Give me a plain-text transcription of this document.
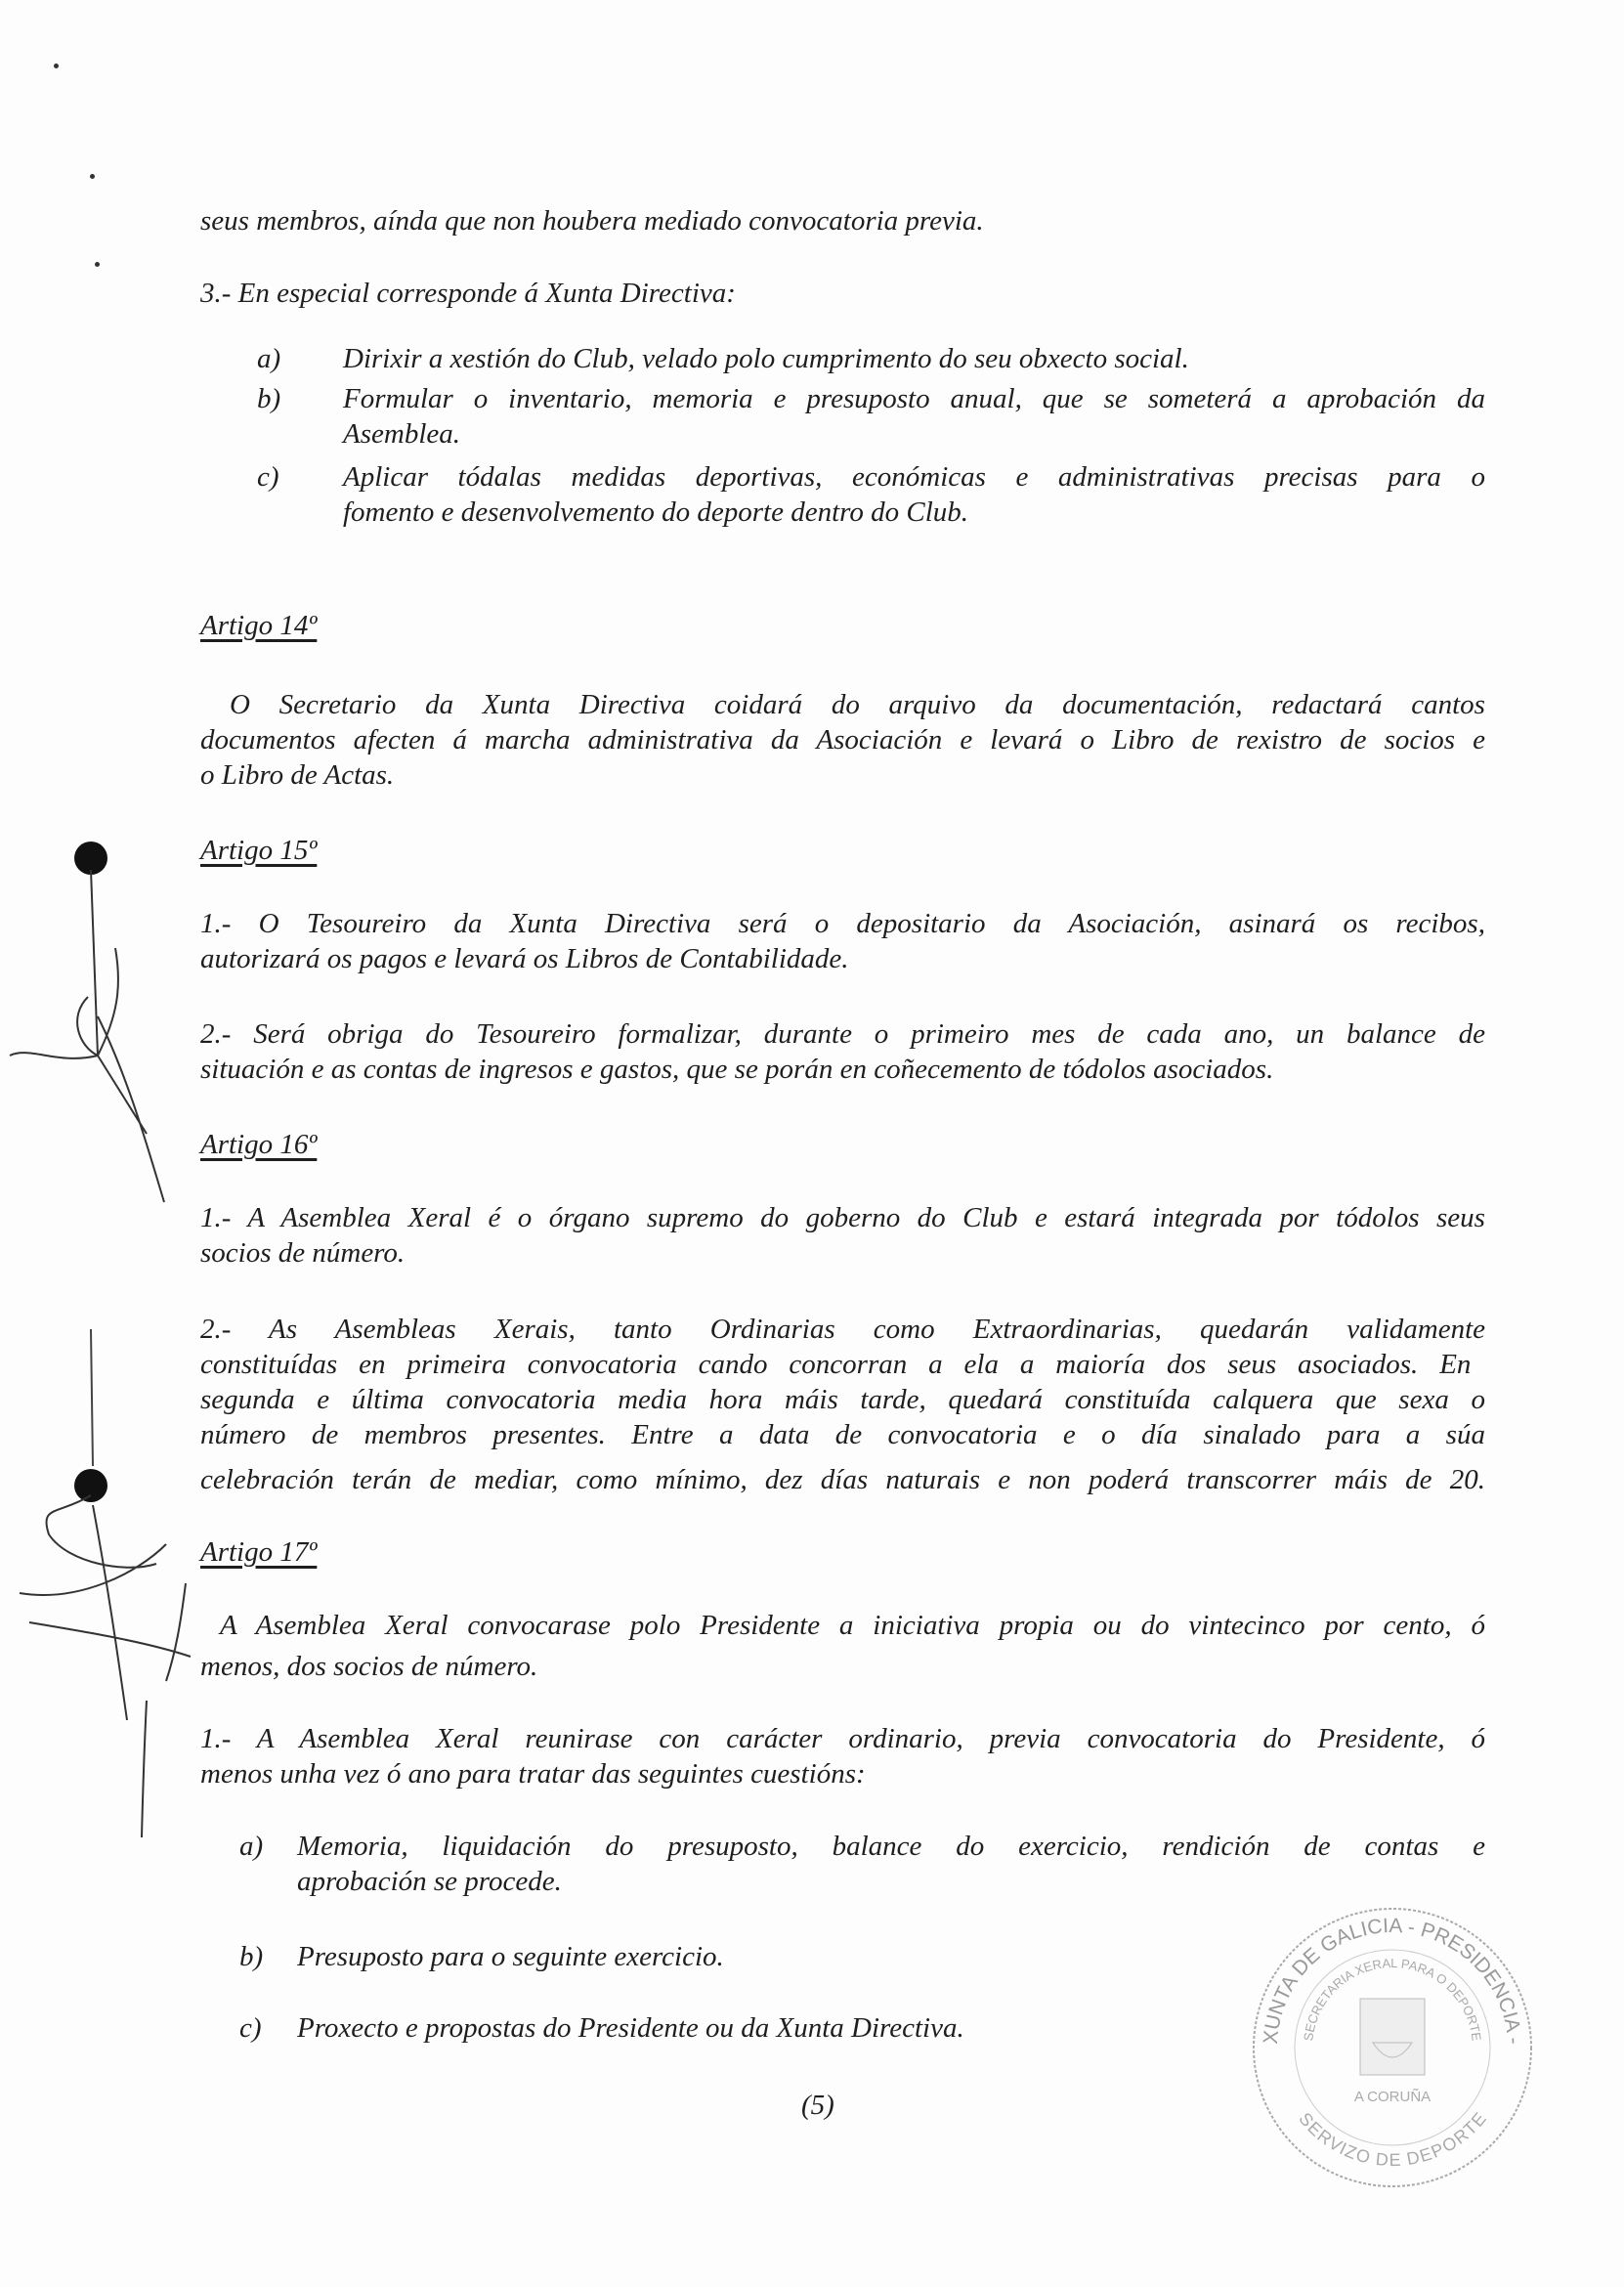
seus membros, aínda que non houbera mediado convocatoria previa.
3.- En especial corresponde á Xunta Directiva:
a) Dirixir a xestión do Club, velado polo cumprimento do seu obxecto social.
b) Formular o inventario, memoria e presuposto anual, que se someterá a aprobación da
Asemblea.
c) Aplicar tódalas medidas deportivas, económicas e administrativas precisas para o
fomento e desenvolvemento do deporte dentro do Club.
Artigo 14º
O Secretario da Xunta Directiva coidará do arquivo da documentación, redactará cantos
documentos afecten á marcha administrativa da Asociación e levará o Libro de rexistro de socios e
o Libro de Actas.
Artigo 15º
1.- O Tesoureiro da Xunta Directiva será o depositario da Asociación, asinará os recibos,
autorizará os pagos e levará os Libros de Contabilidade.
2.- Será obriga do Tesoureiro formalizar, durante o primeiro mes de cada ano, un balance de
situación e as contas de ingresos e gastos, que se porán en coñecemento de tódolos asociados.
Artigo 16º
1.- A Asemblea Xeral é o órgano supremo do goberno do Club e estará integrada por tódolos seus
socios de número.
2.- As Asembleas Xerais, tanto Ordinarias como Extraordinarias, quedarán validamente
constituídas en primeira convocatoria cando concorran a ela a maioría dos seus asociados. En
segunda e última convocatoria media hora máis tarde, quedará constituída calquera que sexa o
número de membros presentes. Entre a data de convocatoria e o día sinalado para a súa
celebración terán de mediar, como mínimo, dez días naturais e non poderá transcorrer máis de 20.
Artigo 17º
A Asemblea Xeral convocarase polo Presidente a iniciativa propia ou do vintecinco por cento, ó
menos, dos socios de número.
1.- A Asemblea Xeral reunirase con carácter ordinario, previa convocatoria do Presidente, ó
menos unha vez ó ano para tratar das seguintes cuestións:
a) Memoria, liquidación do presuposto, balance do exercicio, rendición de contas e
aprobación se procede.
b) Presuposto para o seguinte exercicio.
c) Proxecto e propostas do Presidente ou da Xunta Directiva.
(5)
XUNTA DE GALICIA - PRESIDENCIA -
SECRETARIA XERAL PARA O DEPORTE
A CORUÑA
SERVIZO DE DEPORTE
